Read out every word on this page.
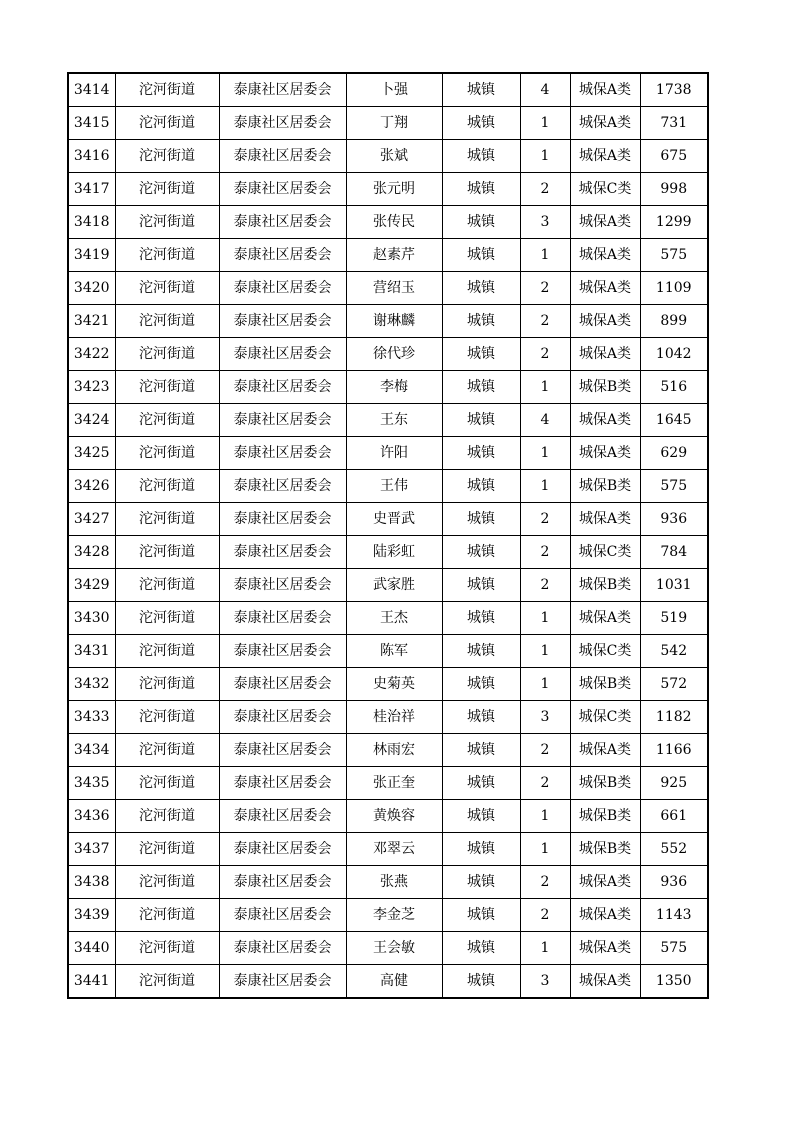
3414	沱河街道	泰康社区居委会	卜强	城镇	4	城保A类	1738
3415	沱河街道	泰康社区居委会	丁翔	城镇	1	城保A类	731
3416	沱河街道	泰康社区居委会	张斌	城镇	1	城保A类	675
3417	沱河街道	泰康社区居委会	张元明	城镇	2	城保C类	998
3418	沱河街道	泰康社区居委会	张传民	城镇	3	城保A类	1299
3419	沱河街道	泰康社区居委会	赵素芹	城镇	1	城保A类	575
3420	沱河街道	泰康社区居委会	营绍玉	城镇	2	城保A类	1109
3421	沱河街道	泰康社区居委会	谢琳麟	城镇	2	城保A类	899
3422	沱河街道	泰康社区居委会	徐代珍	城镇	2	城保A类	1042
3423	沱河街道	泰康社区居委会	李梅	城镇	1	城保B类	516
3424	沱河街道	泰康社区居委会	王东	城镇	4	城保A类	1645
3425	沱河街道	泰康社区居委会	许阳	城镇	1	城保A类	629
3426	沱河街道	泰康社区居委会	王伟	城镇	1	城保B类	575
3427	沱河街道	泰康社区居委会	史晋武	城镇	2	城保A类	936
3428	沱河街道	泰康社区居委会	陆彩虹	城镇	2	城保C类	784
3429	沱河街道	泰康社区居委会	武家胜	城镇	2	城保B类	1031
3430	沱河街道	泰康社区居委会	王杰	城镇	1	城保A类	519
3431	沱河街道	泰康社区居委会	陈军	城镇	1	城保C类	542
3432	沱河街道	泰康社区居委会	史菊英	城镇	1	城保B类	572
3433	沱河街道	泰康社区居委会	桂治祥	城镇	3	城保C类	1182
3434	沱河街道	泰康社区居委会	林雨宏	城镇	2	城保A类	1166
3435	沱河街道	泰康社区居委会	张正奎	城镇	2	城保B类	925
3436	沱河街道	泰康社区居委会	黄焕容	城镇	1	城保B类	661
3437	沱河街道	泰康社区居委会	邓翠云	城镇	1	城保B类	552
3438	沱河街道	泰康社区居委会	张燕	城镇	2	城保A类	936
3439	沱河街道	泰康社区居委会	李金芝	城镇	2	城保A类	1143
3440	沱河街道	泰康社区居委会	王会敏	城镇	1	城保A类	575
3441	沱河街道	泰康社区居委会	高健	城镇	3	城保A类	1350
